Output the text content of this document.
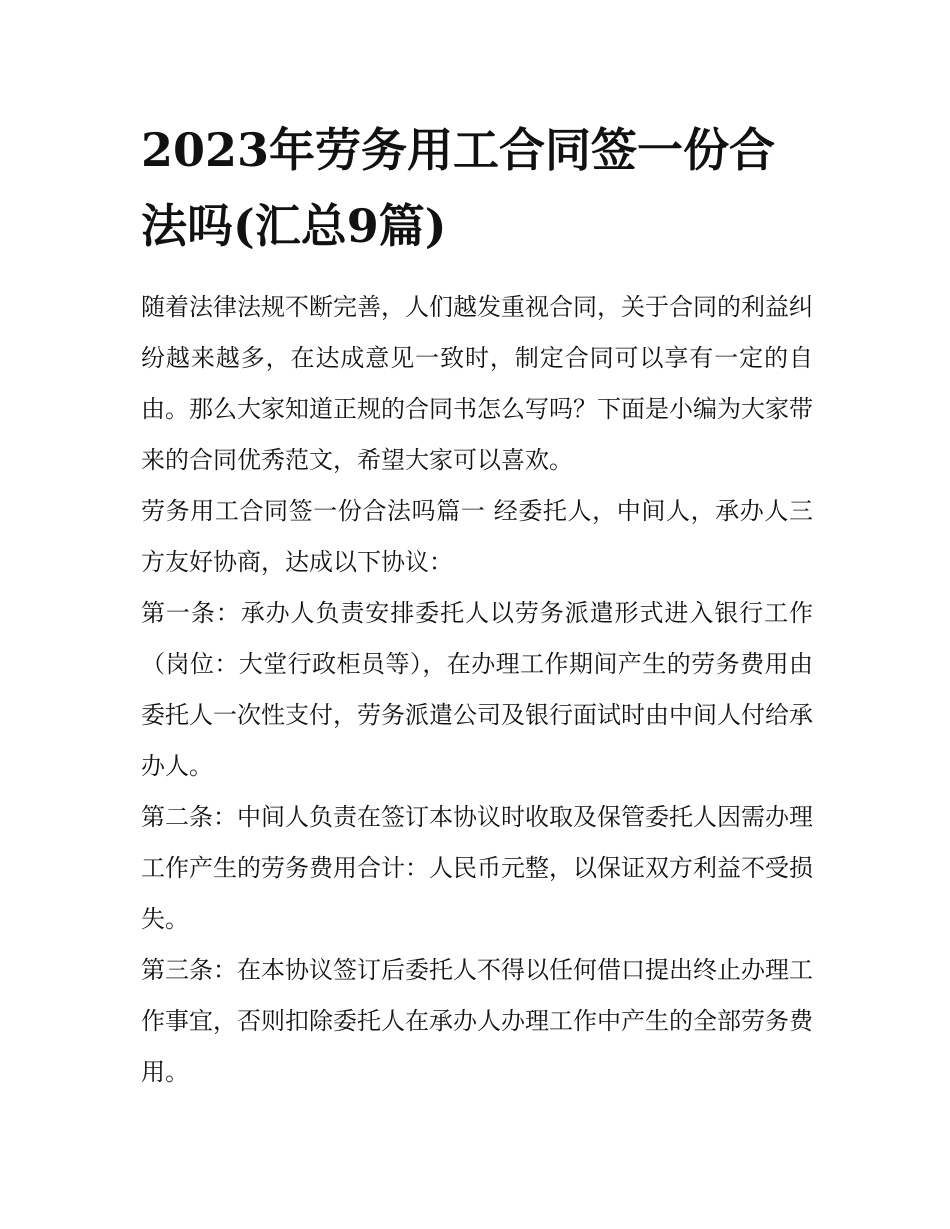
2023年劳务用工合同签一份合法吗(汇总9篇)

随着法律法规不断完善，人们越发重视合同，关于合同的利益纠纷越来越多，在达成意见一致时，制定合同可以享有一定的自由。那么大家知道正规的合同书怎么写吗？下面是小编为大家带来的合同优秀范文，希望大家可以喜欢。

劳务用工合同签一份合法吗篇一 经委托人，中间人，承办人三方友好协商，达成以下协议：

第一条：承办人负责安排委托人以劳务派遣形式进入银行工作（岗位：大堂行政柜员等），在办理工作期间产生的劳务费用由委托人一次性支付，劳务派遣公司及银行面试时由中间人付给承办人。

第二条：中间人负责在签订本协议时收取及保管委托人因需办理工作产生的劳务费用合计：人民币元整，以保证双方利益不受损失。

第三条：在本协议签订后委托人不得以任何借口提出终止办理工作事宜，否则扣除委托人在承办人办理工作中产生的全部劳务费用。
